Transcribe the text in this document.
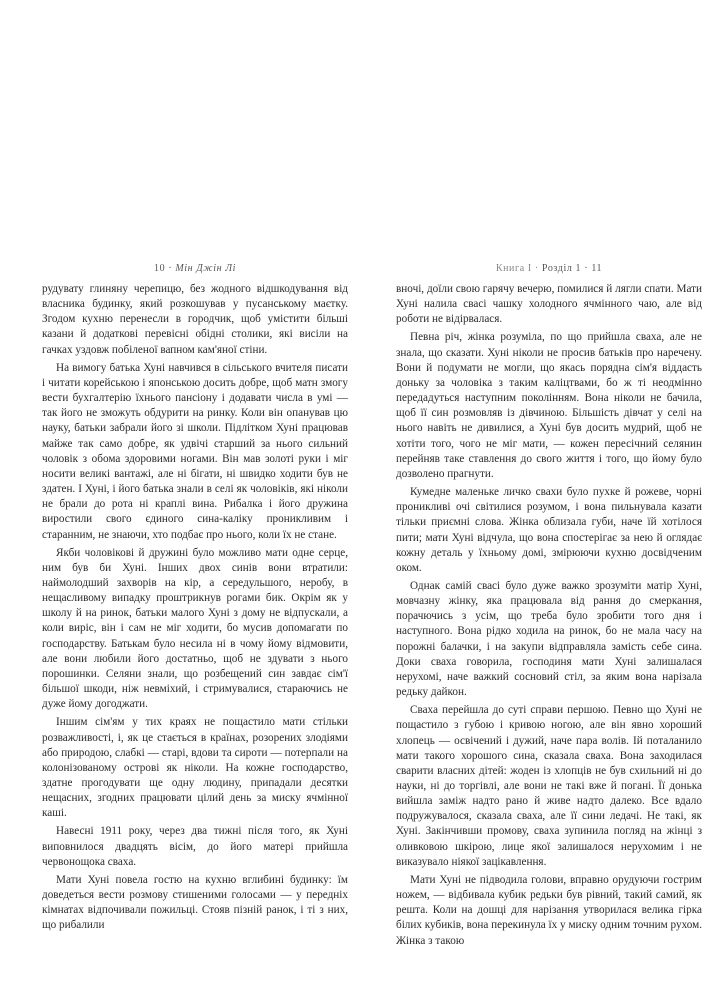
10 · Мін Джін Лі

рудувату глиняну черепицю, без жодного відшкодування від власника будинку, який розкошував у пусанському маєтку. Згодом кухню перенесли в городчик, щоб умістити більші казани й додаткові перевісні обідні столики, які висіли на гачках уздовж побіленої вапном кам'яної стіни.

На вимогу батька Хуні навчився в сільського вчителя писати і читати корейською і японською досить добре, щоб матн змогу вести бухгалтерію їхнього пансіону і додавати числа в умі — так його не зможуть обдурити на ринку. Коли він опанував цю науку, батьки забрали його зі школи. Підлітком Хуні працював майже так само добре, як удвічі старший за нього сильний чоловік з обома здоровими ногами. Він мав золоті руки і міг носити великі вантажі, але ні бігати, ні швидко ходити був не здатен. І Хуні, і його батька знали в селі як чоловіків, які ніколи не брали до рота ні краплі вина. Рибалка і його дружина виростили свого єдиного сина-каліку проникливим і старанним, не знаючи, хто подбає про нього, коли їх не стане.

Якби чоловікові й дружині було можливо мати одне серце, ним був би Хуні. Інших двох синів вони втратили: наймолодший захворів на кір, а середульшого, неробу, в нещасливому випадку проштрикнув рогами бик. Окрім як у школу й на ринок, батьки малого Хуні з дому не відпускали, а коли виріс, він і сам не міг ходити, бо мусив допомагати по господарству. Батькам було несила ні в чому йому відмовити, але вони любили його достатньо, щоб не здувати з нього порошинки. Селяни знали, що розбещений син завдає сім'ї більшої шкоди, ніж невміхий, і стримувалися, стараючись не дуже йому догоджати.

Іншим сім'ям у тих краях не пощастило мати стільки розважливості, і, як це стається в країнах, розорених злодіями або природою, слабкі — старі, вдови та сироти — потерпали на колонізованому острові як ніколи. На кожне господарство, здатне прогодувати ще одну людину, припадали десятки нещасних, згодних працювати цілий день за миску ячмінної каші.

Навесні 1911 року, через два тижні після того, як Хуні виповнилося двадцять вісім, до його матері прийшла червонощока сваха.

Мати Хуні повела гостю на кухню вглибині будинку: їм доведеться вести розмову стишеними голосами — у передніх кімнатах відпочивали пожильці. Стояв пізній ранок, і ті з них, що рибалили

Книга І · Розділ 1 · 11

вночі, доїли свою гарячу вечерю, помилися й лягли спати. Мати Хуні налила свасі чашку холодного ячмінного чаю, але від роботи не відірвалася.

Певна річ, жінка розуміла, по що прийшла сваха, але не знала, що сказати. Хуні ніколи не просив батьків про наречену. Вони й подумати не могли, що якась порядна сім'я віддасть доньку за чоловіка з таким каліцтвами, бо ж ті неодмінно передадуться наступним поколінням. Вона ніколи не бачила, щоб її син розмовляв із дівчиною. Більшість дівчат у селі на нього навіть не дивилися, а Хуні був досить мудрий, щоб не хотіти того, чого не міг мати, — кожен пересічний селянин перейняв таке ставлення до свого життя і того, що йому було дозволено прагнути.

Кумедне маленьке личко свахи було пухке й рожеве, чорні проникливі очі світилися розумом, і вона пильнувала казати тільки приємні слова. Жінка облизала губи, наче їй хотілося пити; мати Хуні відчула, що вона спостерігає за нею й оглядає кожну деталь у їхньому домі, змірюючи кухню досвідченим оком.

Однак самій свасі було дуже важко зрозуміти матір Хуні, мовчазну жінку, яка працювала від рання до смеркання, порачючись з усім, що треба було зробити того дня і наступного. Вона рідко ходила на ринок, бо не мала часу на порожні балачки, і на закупи відправляла замість себе сина. Доки сваха говорила, господиня мати Хуні залишалася нерухомі, наче важкий сосновий стіл, за яким вона нарізала редьку дайкон.

Сваха перейшла до суті справи першою. Певно що Хуні не пощастило з губою і кривою ногою, але він явно хороший хлопець — освічений і дужий, наче пара волів. Ій поталанило мати такого хорошого сина, сказала сваха. Вона заходилася сварити власних дітей: жоден із хлопців не був схильний ні до науки, ні до торгівлі, але вони не такі вже й погані. Її донька вийшла заміж надто рано й живе надто далеко. Все вдало подружувалося, сказала сваха, але її сини ледачі. Не такі, як Хуні. Закінчивши промову, сваха зупинила погляд на жінці з оливковою шкірою, лице якої залишалося нерухомим і не виказувало ніякої зацікавлення.

Мати Хуні не підводила голови, вправно орудуючи гострим ножем, — відбивала кубик редьки був рівний, такий самий, як решта. Коли на дошці для нарізання утворилася велика гірка білих кубиків, вона перекинула їх у миску одним точним рухом. Жінка з такою
